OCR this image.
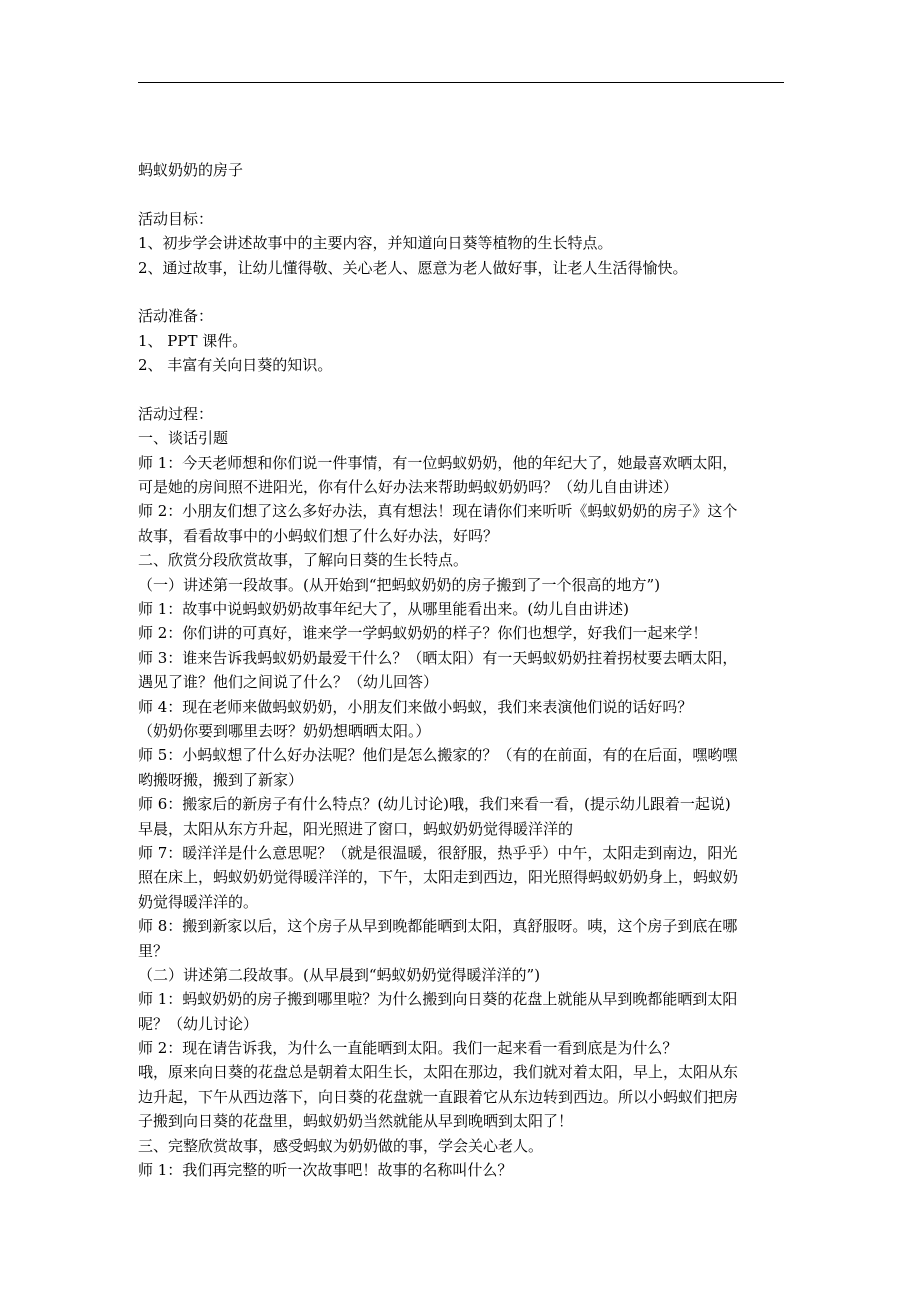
蚂蚁奶奶的房子
活动目标：
1、初步学会讲述故事中的主要内容，并知道向日葵等植物的生长特点。
2、通过故事，让幼儿懂得敬、关心老人、愿意为老人做好事，让老人生活得愉快。
活动准备：
1、 PPT 课件。
2、 丰富有关向日葵的知识。
活动过程：
一、谈话引题
师 1：今天老师想和你们说一件事情，有一位蚂蚁奶奶，他的年纪大了，她最喜欢晒太阳，
可是她的房间照不进阳光，你有什么好办法来帮助蚂蚁奶奶吗？（幼儿自由讲述）
师 2：小朋友们想了这么多好办法，真有想法！现在请你们来听听《蚂蚁奶奶的房子》这个
故事，看看故事中的小蚂蚁们想了什么好办法，好吗？
二、欣赏分段欣赏故事，了解向日葵的生长特点。
（一）讲述第一段故事。(从开始到“把蚂蚁奶奶的房子搬到了一个很高的地方”)
师 1：故事中说蚂蚁奶奶故事年纪大了，从哪里能看出来。(幼儿自由讲述)
师 2：你们讲的可真好，谁来学一学蚂蚁奶奶的样子？你们也想学，好我们一起来学！
师 3：谁来告诉我蚂蚁奶奶最爱干什么？（晒太阳）有一天蚂蚁奶奶拄着拐杖要去晒太阳，
遇见了谁？他们之间说了什么？（幼儿回答）
师 4：现在老师来做蚂蚁奶奶，小朋友们来做小蚂蚁，我们来表演他们说的话好吗？
（奶奶你要到哪里去呀？奶奶想晒晒太阳。）
师 5：小蚂蚁想了什么好办法呢？他们是怎么搬家的？（有的在前面，有的在后面，嘿哟嘿
哟搬呀搬，搬到了新家）
师 6：搬家后的新房子有什么特点？(幼儿讨论)哦，我们来看一看，(提示幼儿跟着一起说)
早晨，太阳从东方升起，阳光照进了窗口，蚂蚁奶奶觉得暖洋洋的
师 7：暖洋洋是什么意思呢？（就是很温暖，很舒服，热乎乎）中午，太阳走到南边，阳光
照在床上，蚂蚁奶奶觉得暖洋洋的，下午，太阳走到西边，阳光照得蚂蚁奶奶身上，蚂蚁奶
奶觉得暖洋洋的。
师 8：搬到新家以后，这个房子从早到晚都能晒到太阳，真舒服呀。咦，这个房子到底在哪
里？
（二）讲述第二段故事。(从早晨到“蚂蚁奶奶觉得暖洋洋的”)
师 1：蚂蚁奶奶的房子搬到哪里啦？为什么搬到向日葵的花盘上就能从早到晚都能晒到太阳
呢？（幼儿讨论）
师 2：现在请告诉我，为什么一直能晒到太阳。我们一起来看一看到底是为什么？
哦，原来向日葵的花盘总是朝着太阳生长，太阳在那边，我们就对着太阳，早上，太阳从东
边升起，下午从西边落下，向日葵的花盘就一直跟着它从东边转到西边。所以小蚂蚁们把房
子搬到向日葵的花盘里，蚂蚁奶奶当然就能从早到晚晒到太阳了！
三、完整欣赏故事，感受蚂蚁为奶奶做的事，学会关心老人。
师 1：我们再完整的听一次故事吧！故事的名称叫什么？
